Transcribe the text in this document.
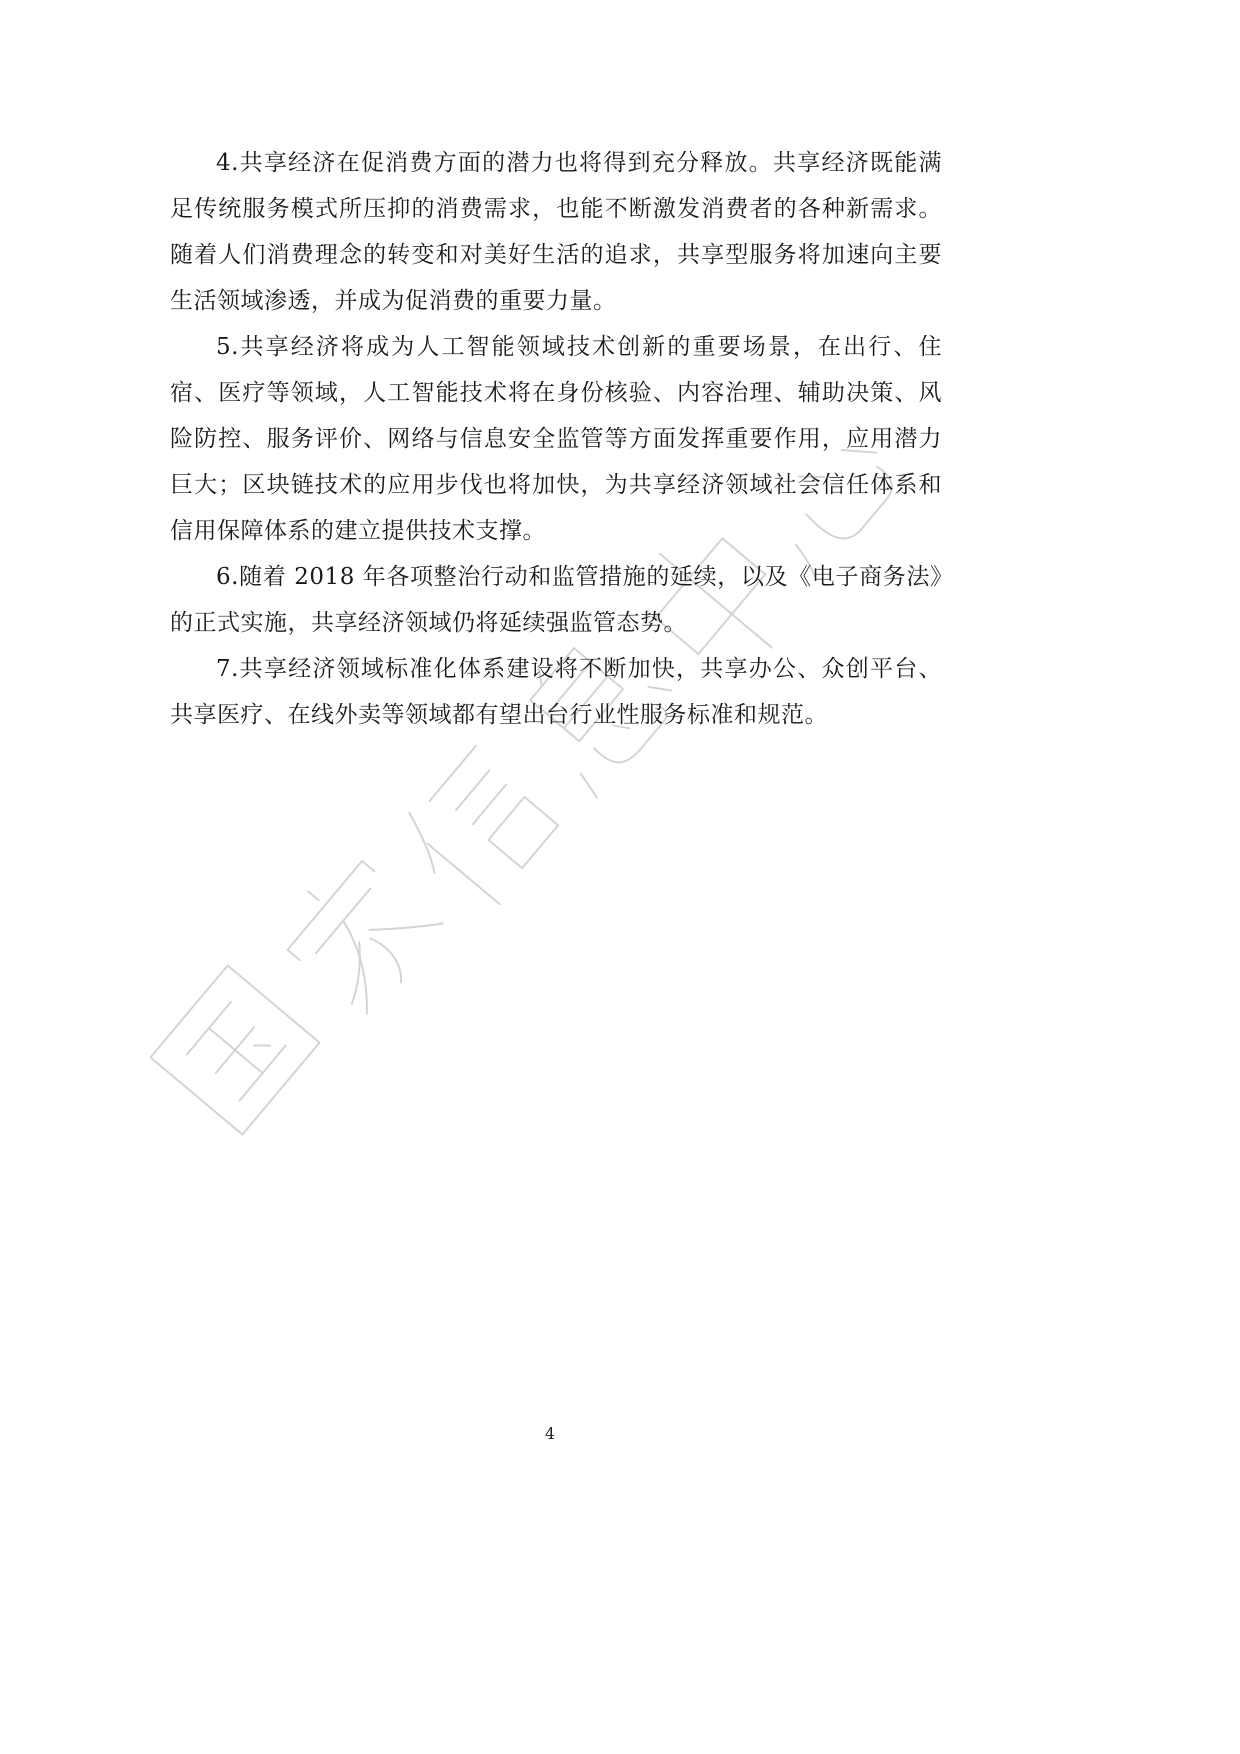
4.共享经济在促消费方面的潜力也将得到充分释放。共享经济既能满足传统服务模式所压抑的消费需求，也能不断激发消费者的各种新需求。随着人们消费理念的转变和对美好生活的追求，共享型服务将加速向主要生活领域渗透，并成为促消费的重要力量。

5.共享经济将成为人工智能领域技术创新的重要场景，在出行、住宿、医疗等领域，人工智能技术将在身份核验、内容治理、辅助决策、风险防控、服务评价、网络与信息安全监管等方面发挥重要作用，应用潜力巨大；区块链技术的应用步伐也将加快，为共享经济领域社会信任体系和信用保障体系的建立提供技术支撑。

6.随着 2018 年各项整治行动和监管措施的延续，以及《电子商务法》的正式实施，共享经济领域仍将延续强监管态势。

7.共享经济领域标准化体系建设将不断加快，共享办公、众创平台、共享医疗、在线外卖等领域都有望出台行业性服务标准和规范。

4
